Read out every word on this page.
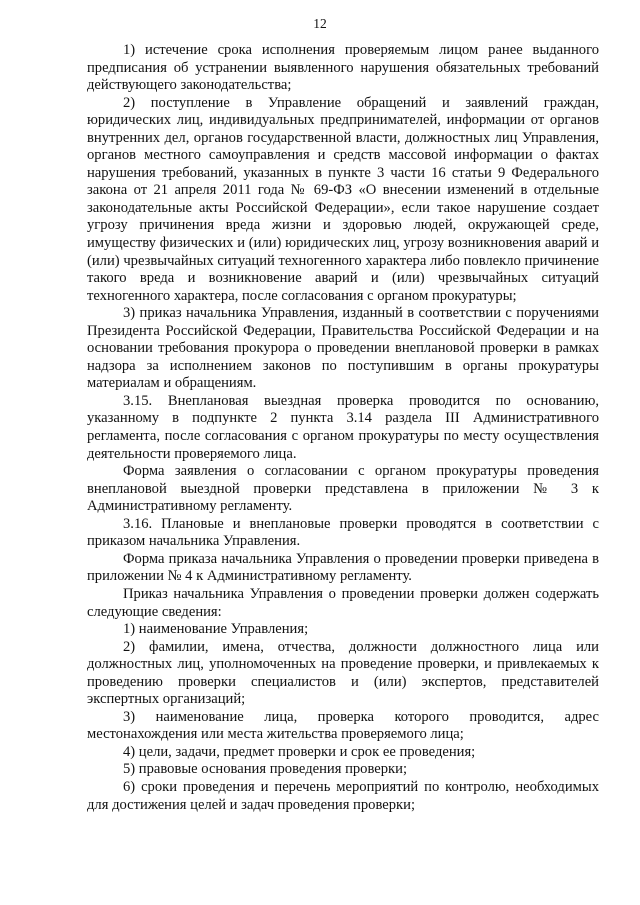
12

1) истечение срока исполнения проверяемым лицом ранее выданного предписания об устранении выявленного нарушения обязательных требований действующего законодательства;

2) поступление в Управление обращений и заявлений граждан, юридических лиц, индивидуальных предпринимателей, информации от органов внутренних дел, органов государственной власти, должностных лиц Управления, органов местного самоуправления и средств массовой информации о фактах нарушения требований, указанных в пункте 3 части 16 статьи 9 Федерального закона от 21 апреля 2011 года № 69-ФЗ «О внесении изменений в отдельные законодательные акты Российской Федерации», если такое нарушение создает угрозу причинения вреда жизни и здоровью людей, окружающей среде, имуществу физических и (или) юридических лиц, угрозу возникновения аварий и (или) чрезвычайных ситуаций техногенного характера либо повлекло причинение такого вреда и возникновение аварий и (или) чрезвычайных ситуаций техногенного характера, после согласования с органом прокуратуры;

3) приказ начальника Управления, изданный в соответствии с поручениями Президента Российской Федерации, Правительства Российской Федерации и на основании требования прокурора о проведении внеплановой проверки в рамках надзора за исполнением законов по поступившим в органы прокуратуры материалам и обращениям.

3.15. Внеплановая выездная проверка проводится по основанию, указанному в подпункте 2 пункта 3.14 раздела III Административного регламента, после согласования с органом прокуратуры по месту осуществления деятельности проверяемого лица.

Форма заявления о согласовании с органом прокуратуры проведения внеплановой выездной проверки представлена в приложении № 3 к Административному регламенту.

3.16. Плановые и внеплановые проверки проводятся в соответствии с приказом начальника Управления.

Форма приказа начальника Управления о проведении проверки приведена в приложении № 4 к Административному регламенту.

Приказ начальника Управления о проведении проверки должен содержать следующие сведения:

1) наименование Управления;

2) фамилии, имена, отчества, должности должностного лица или должностных лиц, уполномоченных на проведение проверки, и привлекаемых к проведению проверки специалистов и (или) экспертов, представителей экспертных организаций;

3) наименование лица, проверка которого проводится, адрес местонахождения или места жительства проверяемого лица;

4) цели, задачи, предмет проверки и срок ее проведения;

5) правовые основания проведения проверки;

6) сроки проведения и перечень мероприятий по контролю, необходимых для достижения целей и задач проведения проверки;
